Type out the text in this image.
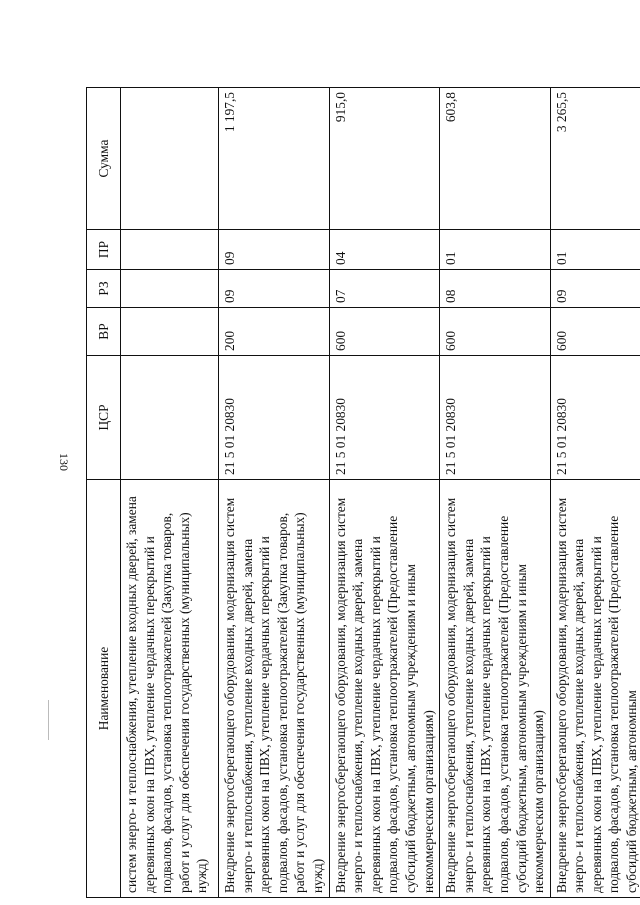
130
Наименование	ЦСР	ВР	РЗ	ПР	Сумма
систем энерго- и теплоснабжения, утепление входных дверей, замена деревянных окон на ПВХ, утепление чердачных перекрытий и подвалов, фасадов, установка теплоотражателей (Закупка товаров, работ и услуг для обеспечения государственных (муниципальных) нужд)					
Внедрение энергосберегающего оборудования, модернизация систем энерго- и теплоснабжения, утепление входных дверей, замена деревянных окон на ПВХ, утепление чердачных перекрытий и подвалов, фасадов, установка теплоотражателей (Закупка товаров, работ и услуг для обеспечения государственных (муниципальных) нужд)	21 5 01 20830	200	09	09	1 197,5
Внедрение энергосберегающего оборудования, модернизация систем энерго- и теплоснабжения, утепление входных дверей, замена деревянных окон на ПВХ, утепление чердачных перекрытий и подвалов, фасадов, установка теплоотражателей (Предоставление субсидий бюджетным, автономным учреждениям и иным некоммерческим организациям)	21 5 01 20830	600	07	04	915,0
Внедрение энергосберегающего оборудования, модернизация систем энерго- и теплоснабжения, утепление входных дверей, замена деревянных окон на ПВХ, утепление чердачных перекрытий и подвалов, фасадов, установка теплоотражателей (Предоставление субсидий бюджетным, автономным учреждениям и иным некоммерческим организациям)	21 5 01 20830	600	08	01	603,8
Внедрение энергосберегающего оборудования, модернизация систем энерго- и теплоснабжения, утепление входных дверей, замена деревянных окон на ПВХ, утепление чердачных перекрытий и подвалов, фасадов, установка теплоотражателей (Предоставление субсидий бюджетным, автономным	21 5 01 20830	600	09	01	3 265,5
